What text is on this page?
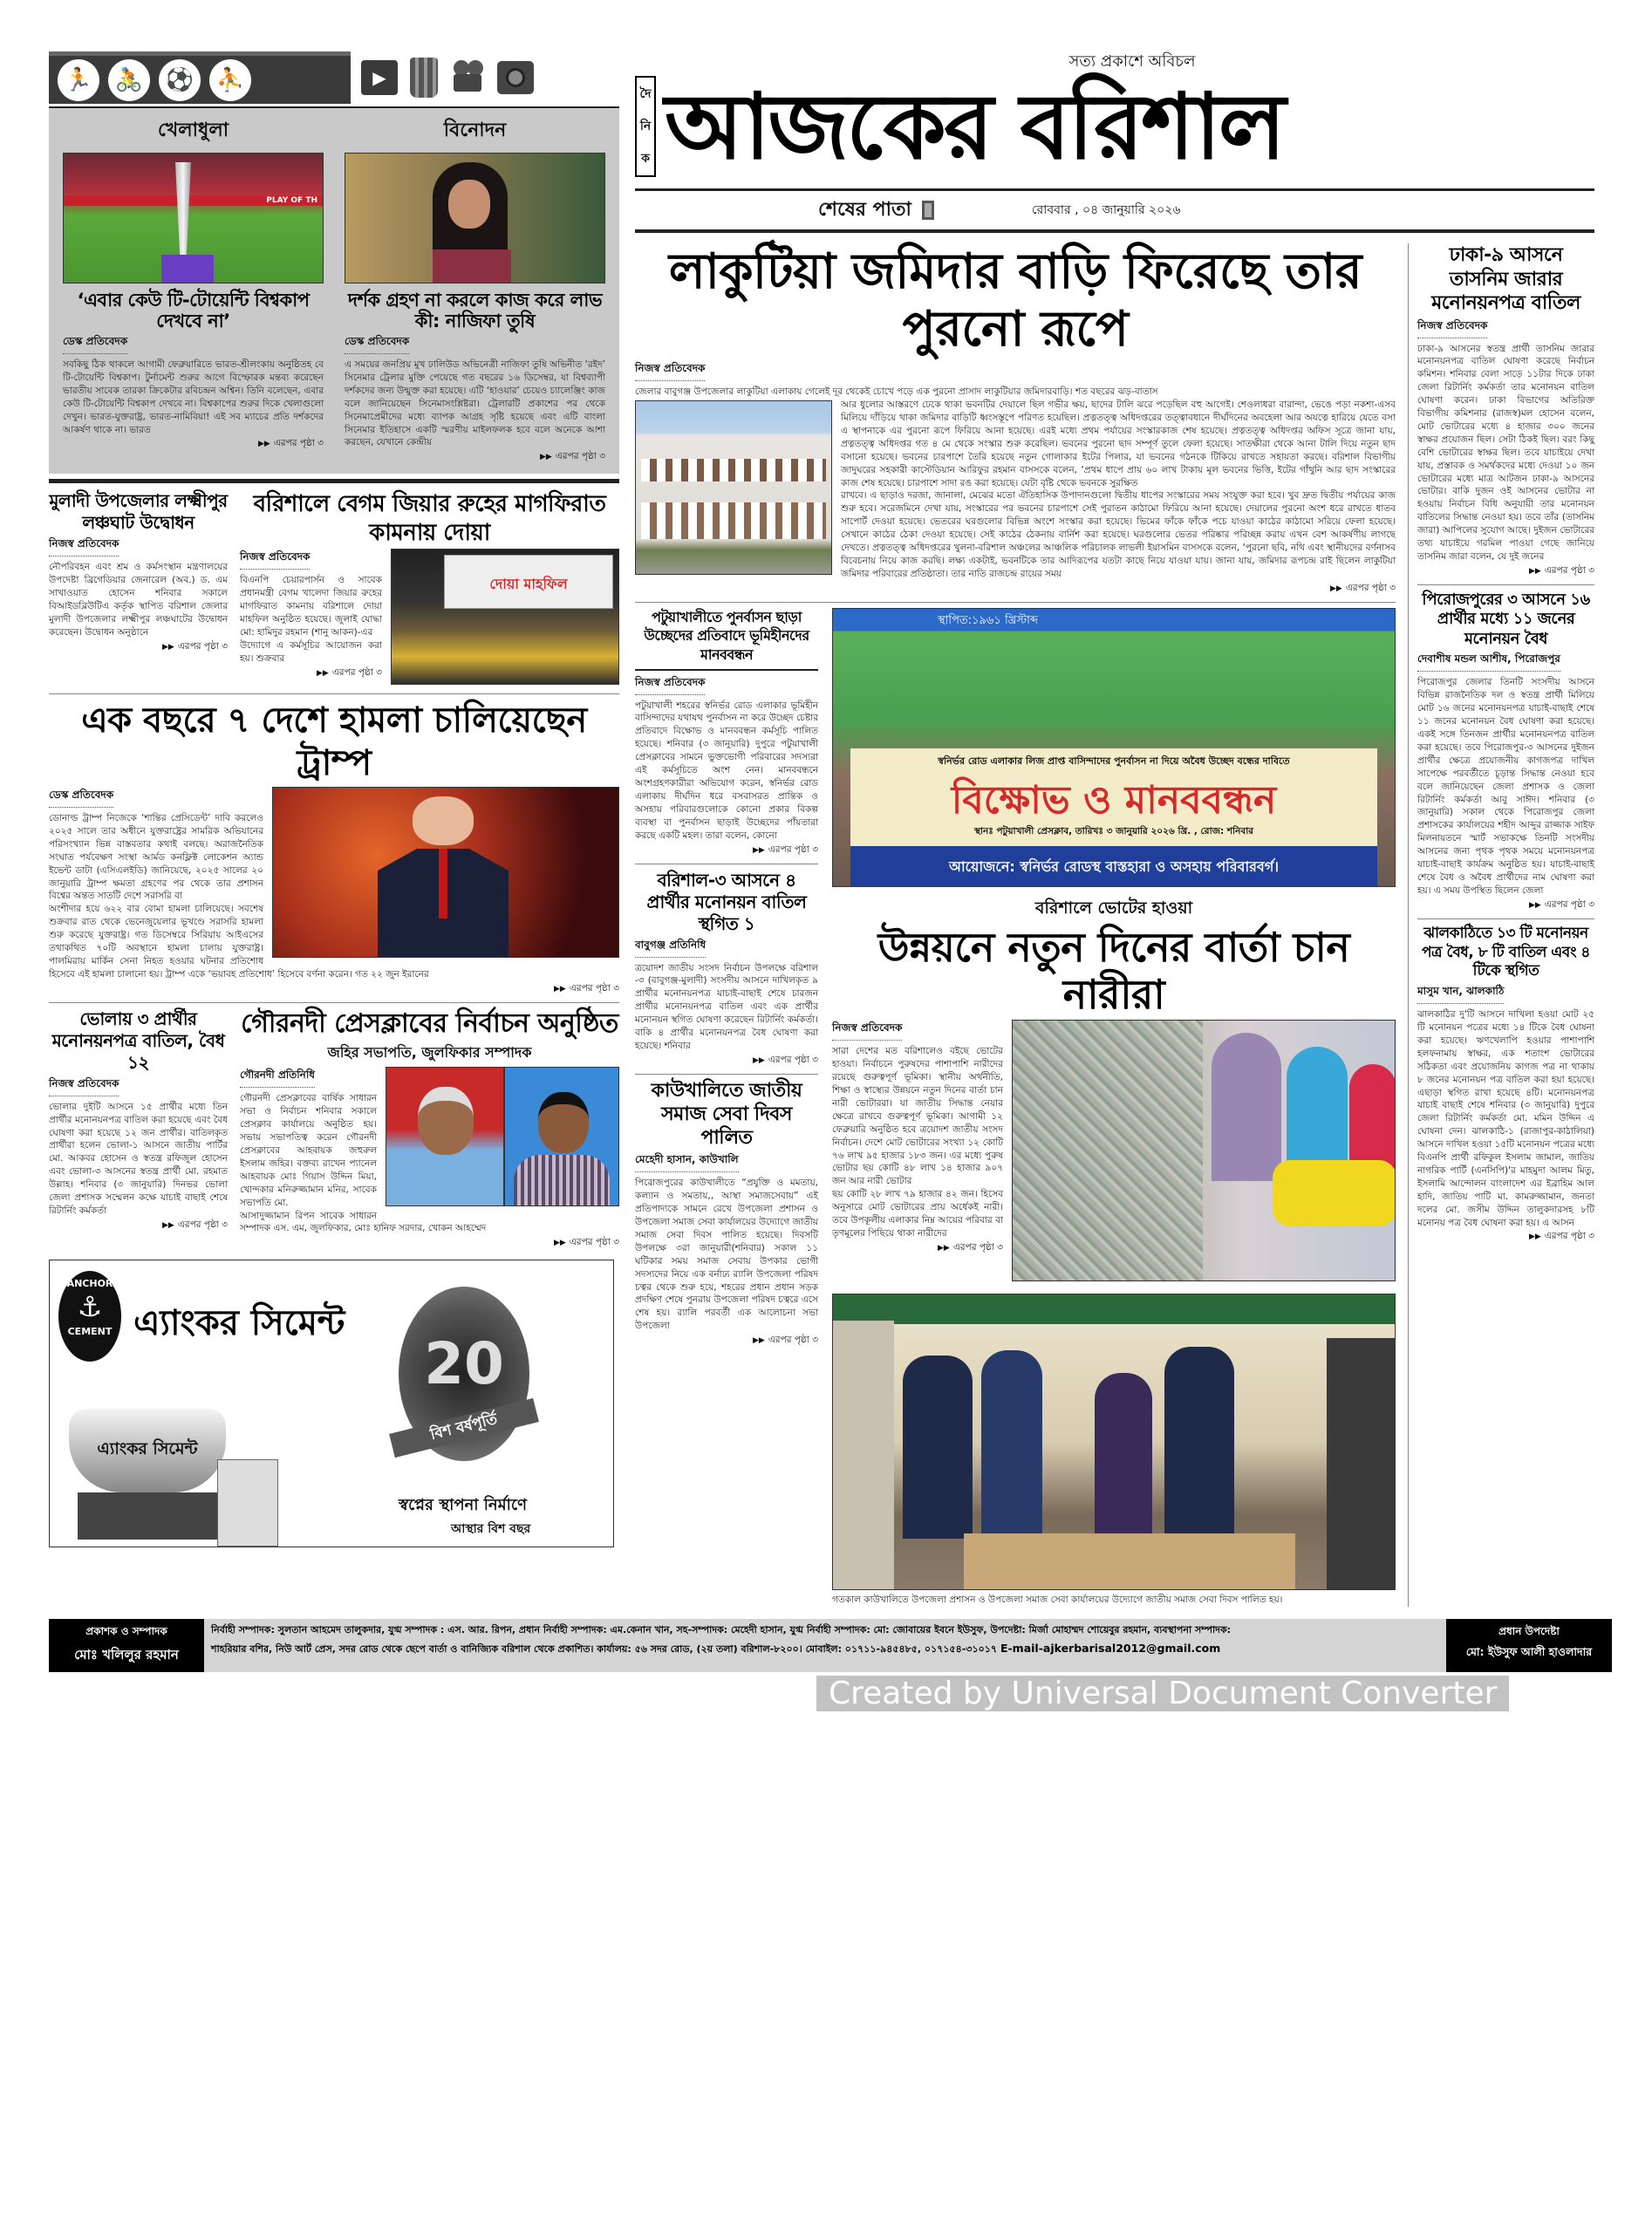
🏃 🚴 ⚽ ⛹	▶
খেলাধুলা
PLAY OF TH
‘এবার কেউ টি-টোয়েন্টি বিশ্বকাপ দেখবে না’
ডেস্ক প্রতিবেদক
সবকিছু ঠিক থাকলে আগামী ফেব্রুয়ারিতে ভারত-শ্রীলংকায় অনুষ্ঠিতহ বে টি-টোয়েন্টি বিশ্বকাপ। টুর্নামেন্ট শুরুর আগে বিস্ফোরক মন্তব্য করেছেন ভারতীয় সাবেক তারকা ক্রিকেটার রবিচন্দ্রন অশ্বিন। তিনি বলেছেন, এবার কেউ টি-টোয়েন্টি বিশ্বকাপ দেখবে না। বিশ্বকাপের শুরুর দিকে খেলাগুলো দেখুন। ভারত-যুক্তরাষ্ট্র, ভারত-নামিবিয়া! এই সব ম্যাচের প্রতি দর্শকদের আকর্ষণ থাকে না। ভারত
▶▶ এরপর পৃষ্ঠা ৩
বিনোদন
দর্শক গ্রহণ না করলে কাজ করে লাভ কী: নাজিফা তুষি
ডেস্ক প্রতিবেদক
এ সময়ের জনপ্রিয় মুখ ঢালিউড অভিনেত্রী নাজিফা তুষি অভিনীত ‘রইদ’ সিনেমার ট্রেলার মুক্তি পেয়েছে গত বছরের ১৬ ডিসেম্বর, যা বিশ্বব্যাপী দর্শকদের জন্য উন্মুক্ত করা হয়েছে। এটি ‘হাওয়ার’ চেয়েও চ্যালেঞ্জিং কাজ বলে জানিয়েছেন সিনেমাসংশ্লিষ্টরা। ট্রেলারটি প্রকাশের পর থেকে সিনেমাপ্রেমীদের মধ্যে ব্যাপক আগ্রহ সৃষ্টি হয়েছে এবং এটি বাংলা সিনেমার ইতিহাসে একটি স্মরণীয় মাইলফলক হবে বলে অনেকে আশা করছেন, যেখানে কেন্দ্রীয়
▶▶ এরপর পৃষ্ঠা ৩
মুলাদী উপজেলার লক্ষ্মীপুর লঞ্চঘাট উদ্বোধন
নিজস্ব প্রতিবেদক
নৌপরিবহন এবং শ্রম ও কর্মসংস্থান মন্ত্রণালয়ের উপদেষ্টা ব্রিগেডিয়ার জেনারেল (অব.) ড. এম সাখাওয়াত হোসেন শনিবার সকালে বিআইডব্লিউটিএ কর্তৃক স্থাপিত বরিশাল জেলার মুলাদী উপজেলার লক্ষ্মীপুর লঞ্চঘাটের উদ্বোধন করেছেন। উদ্বোধন অনুষ্ঠানে
▶▶ এরপর পৃষ্ঠা ৩
বরিশালে বেগম জিয়ার রুহের মাগফিরাত কামনায় দোয়া
নিজস্ব প্রতিবেদক
দোয়া মাহফিল
বিএনপি চেয়ারপার্সন ও সাবেক প্রধানমন্ত্রী বেগম খালেদা জিয়ার রুহের মাগফিরাত কামনায় বরিশালে দোয়া মাহফিল অনুষ্ঠিত হয়েছে। জুলাই যোদ্ধা মো: হামিদুর রহমান (শানু আকন)-এর
উদ্যোগে এ কর্মসূচির আয়োজন করা হয়। শুক্রবার
▶▶ এরপর পৃষ্ঠা ৩
এক বছরে ৭ দেশে হামলা চালিয়েছেন ট্রাম্প
ডেস্ক প্রতিবেদক
ডোনাল্ড ট্রাম্প নিজেকে ‘শান্তির প্রেসিডেন্ট’ দাবি করলেও ২০২৫ সালে তার অধীনে যুক্তরাষ্ট্রের সামরিক অভিযানের পরিসংখ্যান ভিন্ন বাস্তবতার কথাই বলছে। অরাজনৈতিক সংঘাত পর্যবেক্ষণ সংস্থা আর্মড কনফ্লিক্ট লোকেশন অ্যান্ড ইভেন্ট ডাটা (এসিএলইডি) জানিয়েছে, ২০২৫ সালের ২০ জানুয়ারি ট্রাম্প ক্ষমতা গ্রহণের পর থেকে তার প্রশাসন বিশ্বের অন্তত সাতটি দেশে সরাসরি বা
অংশীদার হয়ে ৬২২ বার বোমা হামলা চালিয়েছে। সবশেষ শুক্রবার রাত থেকে ভেনেজুয়েলার ভূখণ্ডে সরাসরি হামলা শুরু করেছে যুক্তরাষ্ট্র। গত ডিসেম্বরে সিরিয়ায় আইএসের তথাকথিত ৭০টি অবস্থানে হামলা চালায় যুক্তরাষ্ট্র। পালমিরায় মার্কিন সেনা নিহত হওয়ার ঘটনার প্রতিশোধ হিসেবে এই হামলা চালানো হয়। ট্রাম্প একে ‘ভয়াবহ প্রতিশোধ’ হিসেবে বর্ণনা করেন। গত ২২ জুন ইরানের
▶▶ এরপর পৃষ্ঠা ৩
ভোলায় ৩ প্রার্থীর মনোনয়নপত্র বাতিল, বৈধ ১২
নিজস্ব প্রতিবেদক
ভোলার দুইটি আসনে ১৫ প্রার্থীর মধ্যে তিন প্রার্থীর মনোনয়নপত্র বাতিল করা হয়েছে এবং বৈধ ঘোষণা করা হয়েছে ১২ জন প্রার্থীর। বাতিলকৃত প্রার্থীরা হলেন ভোলা-১ আসনে জাতীয় পার্টির মো. আকবর হোসেন ও স্বতন্ত্র রফিজুল হোসেন এবং ভোলা-৩ আসনের স্বতন্ত্র প্রার্থী মো. রহমাত উল্লাহ। শনিবার (৩ জানুয়ারি) দিনভর ভোলা জেলা প্রশাসক সম্মেলন কক্ষে যাচাই বাছাই শেষে রিটার্নিং কর্মকর্তা
▶▶ এরপর পৃষ্ঠা ৩
গৌরনদী প্রেসক্লাবের নির্বাচন অনুষ্ঠিত
জহির সভাপতি, জুলফিকার সম্পাদক
গৌরনদী প্রতিনিধি
গৌরনদী প্রেসক্লাবের বার্ষিক সাধারন সভা ও নির্বাচন শনিবার সকালে প্রেসক্লাব কার্যালয়ে অনুষ্ঠিত হয়। সভায় সভাপতিত্ব করেন গৌরনদী প্রেসক্লাবের আহবায়ক জহুরুল ইসলাম জহির। বক্তব্য রাখেন প্যানেল আহবায়ক মোঃ গিয়াস উদ্দিন মিয়া, খোন্দকার মনিরুজ্জামান মনির, সাবেক সভাপতি মো.
আসাদুজ্জামান রিপন সাবেক সাধারন সম্পাদক এস. এম, জুলফিকার, মোঃ হানিফ সরদার, খোকন আহম্মেদ
▶▶ এরপর পৃষ্ঠা ৩
ANCHOR
⚓
CEMENT এ্যাংকর সিমেন্ট
20
বিশ বর্ষপূর্তি
এ্যাংকর সিমেন্ট
স্বপ্নের স্থাপনা নির্মাণে
আস্থার বিশ বছর
সত্য প্রকাশে অবিচল
দৈ
নি
ক আজকের বরিশাল
শেষের পাতা	রোববার , ০৪ জানুয়ারি ২০২৬
লাকুটিয়া জমিদার বাড়ি ফিরেছে তার পুরনো রূপে
নিজস্ব প্রতিবেদক
জেলার বাবুগঞ্জ উপজেলার লাকুটিয়া এলাকায় গেলেই দূর থেকেই চোখে পড়ে এক পুরনো প্রাসাদ লাকুটিয়ার জমিদারবাড়ি। শত বছরের ঝড়-বাতাস
আর ধুলোর আস্তরণে ঢেকে থাকা ভবনটির দেয়ালে ছিল গভীর ক্ষয়, ছাদের টালি ঝরে পড়েছিল বহু আগেই। শেওলাধরা বারান্দা, ভেঙে পড়া নকশা-এসব মিলিয়ে দাঁড়িয়ে থাকা জমিদার বাড়িটি ধ্বংসস্তূপে পরিণত হয়েছিল। প্রত্নতত্ত্ব অধিদপ্তরের তত্ত্বাবধানে দীর্ঘদিনের অবহেলা আর অযত্নে হারিয়ে যেতে বসা এ স্থাপনাকে এর পুরনো রূপে ফিরিয়ে আনা হয়েছে। এরই মধ্যে প্রথম পর্যায়ের সংস্কারকাজ শেষ হয়েছে। প্রত্নতত্ত্ব অধিদপ্তর অফিস সূত্রে জানা যায়, প্রত্নতত্ত্ব অধিদপ্তর গত ৪ মে থেকে সংস্কার শুরু করেছিল। ভবনের পুরনো ছাদ সম্পূর্ণ তুলে ফেলা হয়েছে। সাতক্ষীরা থেকে আনা টালি দিয়ে নতুন ছাদ বসানো হয়েছে। ভবনের চারপাশে তৈরি হয়েছে নতুন গোলাকার ইটের পিলার, যা ভবনের গঠনকে টিকিয়ে রাখতে সহায়তা করছে। বরিশাল বিভাগীয় জাদুঘরের সহকারী কাস্টেডিয়ান আরিফুর রহমান বাসসকে বলেন, ‘প্রথম ধাপে প্রায় ৬০ লাখ টাকায় মূল ভবনের ভিত্তি, ইটের গাঁথুনি আর ছাদ সংস্কারের কাজ শেষ হয়েছে। চারপাশে সাদা রঙ করা হয়েছে। যেটা বৃষ্টি থেকে ভবনকে সুরক্ষিত
রাখবে। এ ছাড়াও দরজা, জানালা, মেঝের মতো ঐতিহাসিক উপাদানগুলো দ্বিতীয় ধাপের সংস্কারের সময় সংযুক্ত করা হবে। খুব দ্রুত দ্বিতীয় পর্যায়ের কাজ শুরু হবে। সরেজমিনে দেখা যায়, সংস্কারের পর ভবনের চারপাশে সেই পুরাতন কাঠামো ফিরিয়ে আনা হয়েছে। দেয়ালের পুরনো অংশ ধরে রাখতে ধাতব সাপোর্ট দেওয়া হয়েছে। ভেতরের ঘরগুলোর বিভিন্ন অংশে সংস্কার করা হয়েছে। ভিমের ফাঁকে ফাঁকে পচে যাওয়া কাঠের কাঠামো সরিয়ে ফেলা হয়েছে। সেখানে কাঠের ঠেকা দেওয়া হয়েছে। সেই কাঠের ঠেকনায় বার্নিশ করা হয়েছে। ঘরগুলোর ভেতর পরিষ্কার পরিচ্ছন্ন করায় এখন বেশ আকর্ষণীয় লাগছে দেখতে। প্রত্নতত্ত্ব অধিদপ্তরের খুলনা-বরিশাল অঞ্চলের আঞ্চলিক পরিচালক লাভলী ইয়াসমিন বাসসকে বলেন, ‘পুরনো ছবি, নথি এবং স্থানীয়দের বর্ণনাসব বিবেচনায় নিয়ে কাজ করছি। লক্ষ্য একটাই, ভবনটিকে তার আদিরূপের যতটা কাছে নিয়ে যাওয়া যায়। জানা যায়, জমিদার রূপচন্দ্র রাই ছিলেন লাকুটিয়া জমিদার পরিবারের প্রতিষ্ঠাতা। তার নাতি রাজচন্দ্র রায়ের সময়
▶▶ এরপর পৃষ্ঠা ৩
পটুয়াখালীতে পুনর্বাসন ছাড়া উচ্ছেদের প্রতিবাদে ভূমিহীনদের মানববন্ধন
নিজস্ব প্রতিবেদক
পটুয়াখালী শহরের স্বনির্ভর রোড এলাকার ভূমিহীন বাসিন্দাদের যথাযথ পুনর্বাসন না করে উচ্ছেদ চেষ্টার প্রতিবাদে বিক্ষোভ ও মানববন্ধন কর্মসূচি পালিত হয়েছে। শনিবার (৩ জানুয়ারি) দুপুরে পটুয়াখালী প্রেসক্লাবের সামনে ভুক্তভোগী পরিবারের সদস্যরা এই কর্মসূচিতে অংশ নেন। মানববন্ধনে অংশগ্রহণকারীরা অভিযোগ করেন, স্বনির্ভর রোড এলাকায় দীর্ঘদিন ধরে বসবাসরত প্রান্তিক ও অসহায় পরিবারগুলোকে কোনো প্রকার বিকল্প ব্যবস্থা বা পুনর্বাসন ছাড়াই উচ্ছেদের পাঁয়তারা করছে একটি মহল। তারা বলেন, কোনো
▶▶ এরপর পৃষ্ঠা ৩
বরিশাল-৩ আসনে ৪ প্রার্থীর মনোনয়ন বাতিল স্থগিত ১
বাবুগঞ্জ প্রতিনিধি
ত্রয়োদশ জাতীয় সংসদ নির্বাচন উপলক্ষে বরিশাল -৩ (বাবুগঞ্জ-মুলাদী) সংসদীয় আসনে দাখিলকৃত ৯ প্রার্থীর মনোনয়নপত্র যাচাই-বাছাই শেষে চারজন প্রার্থীর মনোনয়নপত্র বাতিল এবং এক প্রার্থীর মনোনয়ন স্থগিত ঘোষণা করেছেন রিটার্নিং কর্মকর্তা। বাকি ৪ প্রার্থীর মনোনয়নপত্র বৈধ ঘোষণা করা হয়েছে। শনিবার
▶▶ এরপর পৃষ্ঠা ৩
কাউখালিতে জাতীয় সমাজ সেবা দিবস পালিত
মেহেদী হাসান, কাউখালি
পিরোজপুরের কাউখালীতে “প্রযুক্তি ও মমতায়, কল্যান ও সমতায়,, আস্থা সমাজসেবায়” এই প্রতিপাদ্যকে সামনে রেখে উপজেলা প্রশাসন ও উপজেলা সমাজ সেবা কার্যালয়ের উদ্যোগে জাতীয় সমাজ সেবা দিবস পালিত হয়েছে। দিবসটি উপলক্ষে ৩রা জানুয়ারী(শনিবার) সকাল ১১ ঘটিকার সময় সমাজ সেবায় উপকার ভোগী সদস্যদের নিয়ে এক বর্নাঢ্য র‌্যালি উপজেলা পরিষদ চত্বর থেকে শুরু হয়ে, শহরের প্রধান প্রধান সড়ক প্রদক্ষিণ শেষে পুনরায় উপজেলা পরিষদ চত্বরে এসে শেষ হয়। র‌্যালি পরবর্তী এক আলোচনা সভা উপজেলা
▶▶ এরপর পৃষ্ঠা ৩
স্থাপিত:১৯৬১ খ্রিস্টাব্দ
স্বনির্ভর রোড এলাকার লিজ প্রাপ্ত বাসিন্দাদের পুনর্বাসন না দিয়ে অবৈধ উচ্ছেদ বন্ধের দাবিতে
বিক্ষোভ ও মানববন্ধন
স্থানঃ পটুয়াখালী প্রেসক্লাব, তারিখঃ ৩ জানুয়ারি ২০২৬ খ্রি. , রোজ: শনিবার
আয়োজনে: স্বনির্ভর রোডস্থ বাস্তহারা ও অসহায় পরিবারবর্গ।
বরিশালে ভোটের হাওয়া
উন্নয়নে নতুন দিনের বার্তা চান নারীরা
নিজস্ব প্রতিবেদক
সারা দেশের মত বরিশালেও বইছে ভোটের হাওয়া। নির্বাচনে পুরুষদের পাশাপাশি নারীদের রয়েছে গুরুত্বপূর্ণ ভূমিকা। স্থানীয় অর্থনীতি, শিক্ষা ও স্বাস্থ্যের উন্নয়নে নতুন দিনের বার্তা চান নারী ভোটাররা। যা জাতীয় সিদ্ধান্ত নেয়ার ক্ষেত্রে রাখবে গুরুত্বপূর্ণ ভূমিকা। আগামী ১২ ফেব্রুয়ারি অনুষ্ঠিত হবে ত্রয়োদশ জাতীয় সংসদ নির্বাচন। দেশে মোট ভোটারের সংখ্যা ১২ কোটি ৭৬ লাখ ৯৫ হাজার ১৮৩ জন। এর মধ্যে পুরুষ ভোটার ছয় কোটি ৪৮ লাখ ১৪ হাজার ৯০৭ জন আর নারী ভোটার
ছয় কোটি ২৮ লাখ ৭৯ হাজার ৪২ জন। হিসেব অনুসারে মোট ভোটারের প্রায় অর্ধেকই নারী। তবে উপকূলীয় এলাকার নিম্ন আয়ের পরিবার বা তৃণমূলের পিছিয়ে থাকা নারীদের
▶▶ এরপর পৃষ্ঠা ৩
গতকাল কাউখালিতে উপজেলা প্রশাসন ও উপজেলা সমাজ সেবা কার্যালয়ের উদ্যোগে জাতীয় সমাজ সেবা দিবস পালিত হয়।
ঢাকা-৯ আসনে তাসনিম জারার মনোনয়নপত্র বাতিল
নিজস্ব প্রতিবেদক
ঢাকা-৯ আসনের স্বতন্ত্র প্রার্থী তাসনিম জারার মনোনয়নপত্র বাতিল ঘোষণা করেছে নির্বাচন কমিশন। শনিবার বেলা সাড়ে ১১টার দিকে ঢাকা জেলা রিটার্নিং কর্মকর্তা তার মনোনয়ন বাতিল ঘোষণা করেন। ঢাকা বিভাগের অতিরিক্ত বিভাগীয় কমিশনার (রাজস্ব)মল হোসেন বলেন, মোট ভোটারের মধ্যে ৪ হাজার ৩০০ জনের স্বাক্ষর প্রয়োজন ছিল। সেটা ঠিকই ছিল। বরং কিছু বেশি ভোটারের স্বাক্ষর ছিল। তবে যাচাইয়ে দেখা যায়, প্রস্তাবক ও সমর্থকদের মধ্যে দেওয়া ১০ জন ভোটারের মধ্যে মাত্র আটজন ঢাকা-৯ আসনের ভোটার। বাকি দুজন ওই আসনের ভোটার না হওয়ায় নির্বাচন বিধি অনুযায়ী তার মনোনয়ন বাতিলের সিদ্ধান্ত নেওয়া হয়। তবে তাঁর (তাসনিম জারা) আপিলের সুযোগ আছে। দুইজন ভোটারের তথ্য যাচাইয়ে গরমিল পাওয়া গেছে জানিয়ে তাসনিম জারা বলেন, যে দুই জনের
▶▶ এরপর পৃষ্ঠা ৩
পিরোজপুরের ৩ আসনে ১৬ প্রার্থীর মধ্যে ১১ জনের মনোনয়ন বৈধ
দেবাশীষ মন্ডল আশীষ, পিরোজপুর
পিরোজপুর জেলার তিনটি সংসদীয় আসনে বিভিন্ন রাজনৈতিক দল ও স্বতন্ত্র প্রার্থী মিলিয়ে মোট ১৬ জনের মনোনয়নপত্র যাচাই-বাছাই শেষে ১১ জনের মনোনয়ন বৈধ ঘোষণা করা হয়েছে। একই সঙ্গে তিনজন প্রার্থীর মনোনয়নপত্র বাতিল করা হয়েছে। তবে পিরোজপুর-৩ আসনের দুইজন প্রার্থীর ক্ষেত্রে প্রয়োজনীয় কাগজপত্র দাখিল সাপেক্ষে পরবর্তীতে চূড়ান্ত সিদ্ধান্ত নেওয়া হবে বলে জানিয়েছেন জেলা প্রশাসক ও জেলা রিটার্নিং কর্মকর্তা আবু সাঈদ। শনিবার (৩ জানুয়ারি) সকাল থেকে পিরোজপুর জেলা প্রশাসকের কার্যালয়ের শহীদ আব্দুর রাজ্জাক সাইফ মিলনায়তনে স্মার্ট সভাকক্ষে তিনটি সংসদীয় আসনের জন্য পৃথক পৃথক সময়ে মনোনয়নপত্র যাচাই-বাছাই কার্যক্রম অনুষ্ঠিত হয়। যাচাই-বাছাই শেষে বৈধ ও অবৈধ প্রার্থীদের নাম ঘোষণা করা হয়। এ সময় উপস্থিত ছিলেন জেলা
▶▶ এরপর পৃষ্ঠা ৩
ঝালকাঠিতে ১৩ টি মনোনয়ন পত্র বৈধ, ৮ টি বাতিল এবং ৪ টিকে স্থগিত
মাসুম খান, ঝালকাঠি
ঝালকাঠির দু'টি আসনে দাখিলা হওয়া মোট ২৫ টি মনোনয়ন পত্রের মধ্যে ১৪ টিকে বৈধ ঘোষনা করা হয়েছে। ঋণখেলাপি হওয়ার পাশাপাশি হলফনামায় স্বাক্ষর, এক শতাংশ ভোটারের সঠিকতা এবং প্রয়োজনিয় কাগজ পত্র না থাকায় ৮ জনের মনোনয়ন পত্র বাতিল করা হয়া হয়েছে। এছাড়া স্থগিত রাখা হয়েছে ৪টি। মনোনয়নপত্র যাচাই বাছাই শেষে শনিবার (৩ জানুয়ারি) দুপুরে জেলা রিটার্নিং কর্মকর্তা মো. মমিন উদ্দিন এ ঘোষনা দেন। ঝালকাঠি-১ (রাজাপুর-কাঠালিয়া) আসনে দাখিল হওয়া ১৫টি মনোনয়ন পত্রের মধ্যে বিএনপি প্রার্থী রফিকুল ইসলাম জামাল, জাতিয় নাগরিক পার্টি (এনসিপি)'র মাহমুদা আলম মিতু, ইসলামি আন্দোলন বাংলাদেশ এর ইব্রাহিম আল হাদি, জাতিয় পাটি মা. কামরুজ্জামান, জনতা দলের মো. জসীম উদ্দিন তালুকদারসহ ৮টি মনোনয় পত্র বৈধ ঘোষনা করা হয়। এ আসন
▶▶ এরপর পৃষ্ঠা ৩
প্রকাশক ও সম্পাদক
মোঃ খলিলুর রহমান
নির্বাহী সম্পাদক: সুলতান আহমেদ তালুকদার, যুগ্ম সম্পাদক : এস. আর. রিপন, প্রধান নির্বাহী সম্পাদক: এম.কেনান খান, সহ-সম্পাদক: মেহেদী হাসান, যুগ্ম নির্বাহী সম্পাদক: মো: জোবায়ের ইবনে ইউসুফ, উপদেষ্টা: মির্জা মোহাম্মদ শোয়েবুর রহমান, ব্যবস্থাপনা সম্পাদক:
শাহরিয়ার বশির, নিউ আর্ট প্রেস, সদর রোড থেকে ছেপে বার্তা ও বানিজ্যিক বরিশাল থেকে প্রকাশিত। কার্যালয়: ৫৬ সদর রোড, (২য় তলা) বরিশাল-৮২০০। মোবাইল: ০১৭১১-৯৪৫৪৮৫, ০১৭১৫৪-৩১০১৭ E-mail-ajkerbarisal2012@gmail.com
প্রধান উপদেষ্টা
মো: ইউসুফ আলী হাওলাদার
Created by Universal Document Converter
